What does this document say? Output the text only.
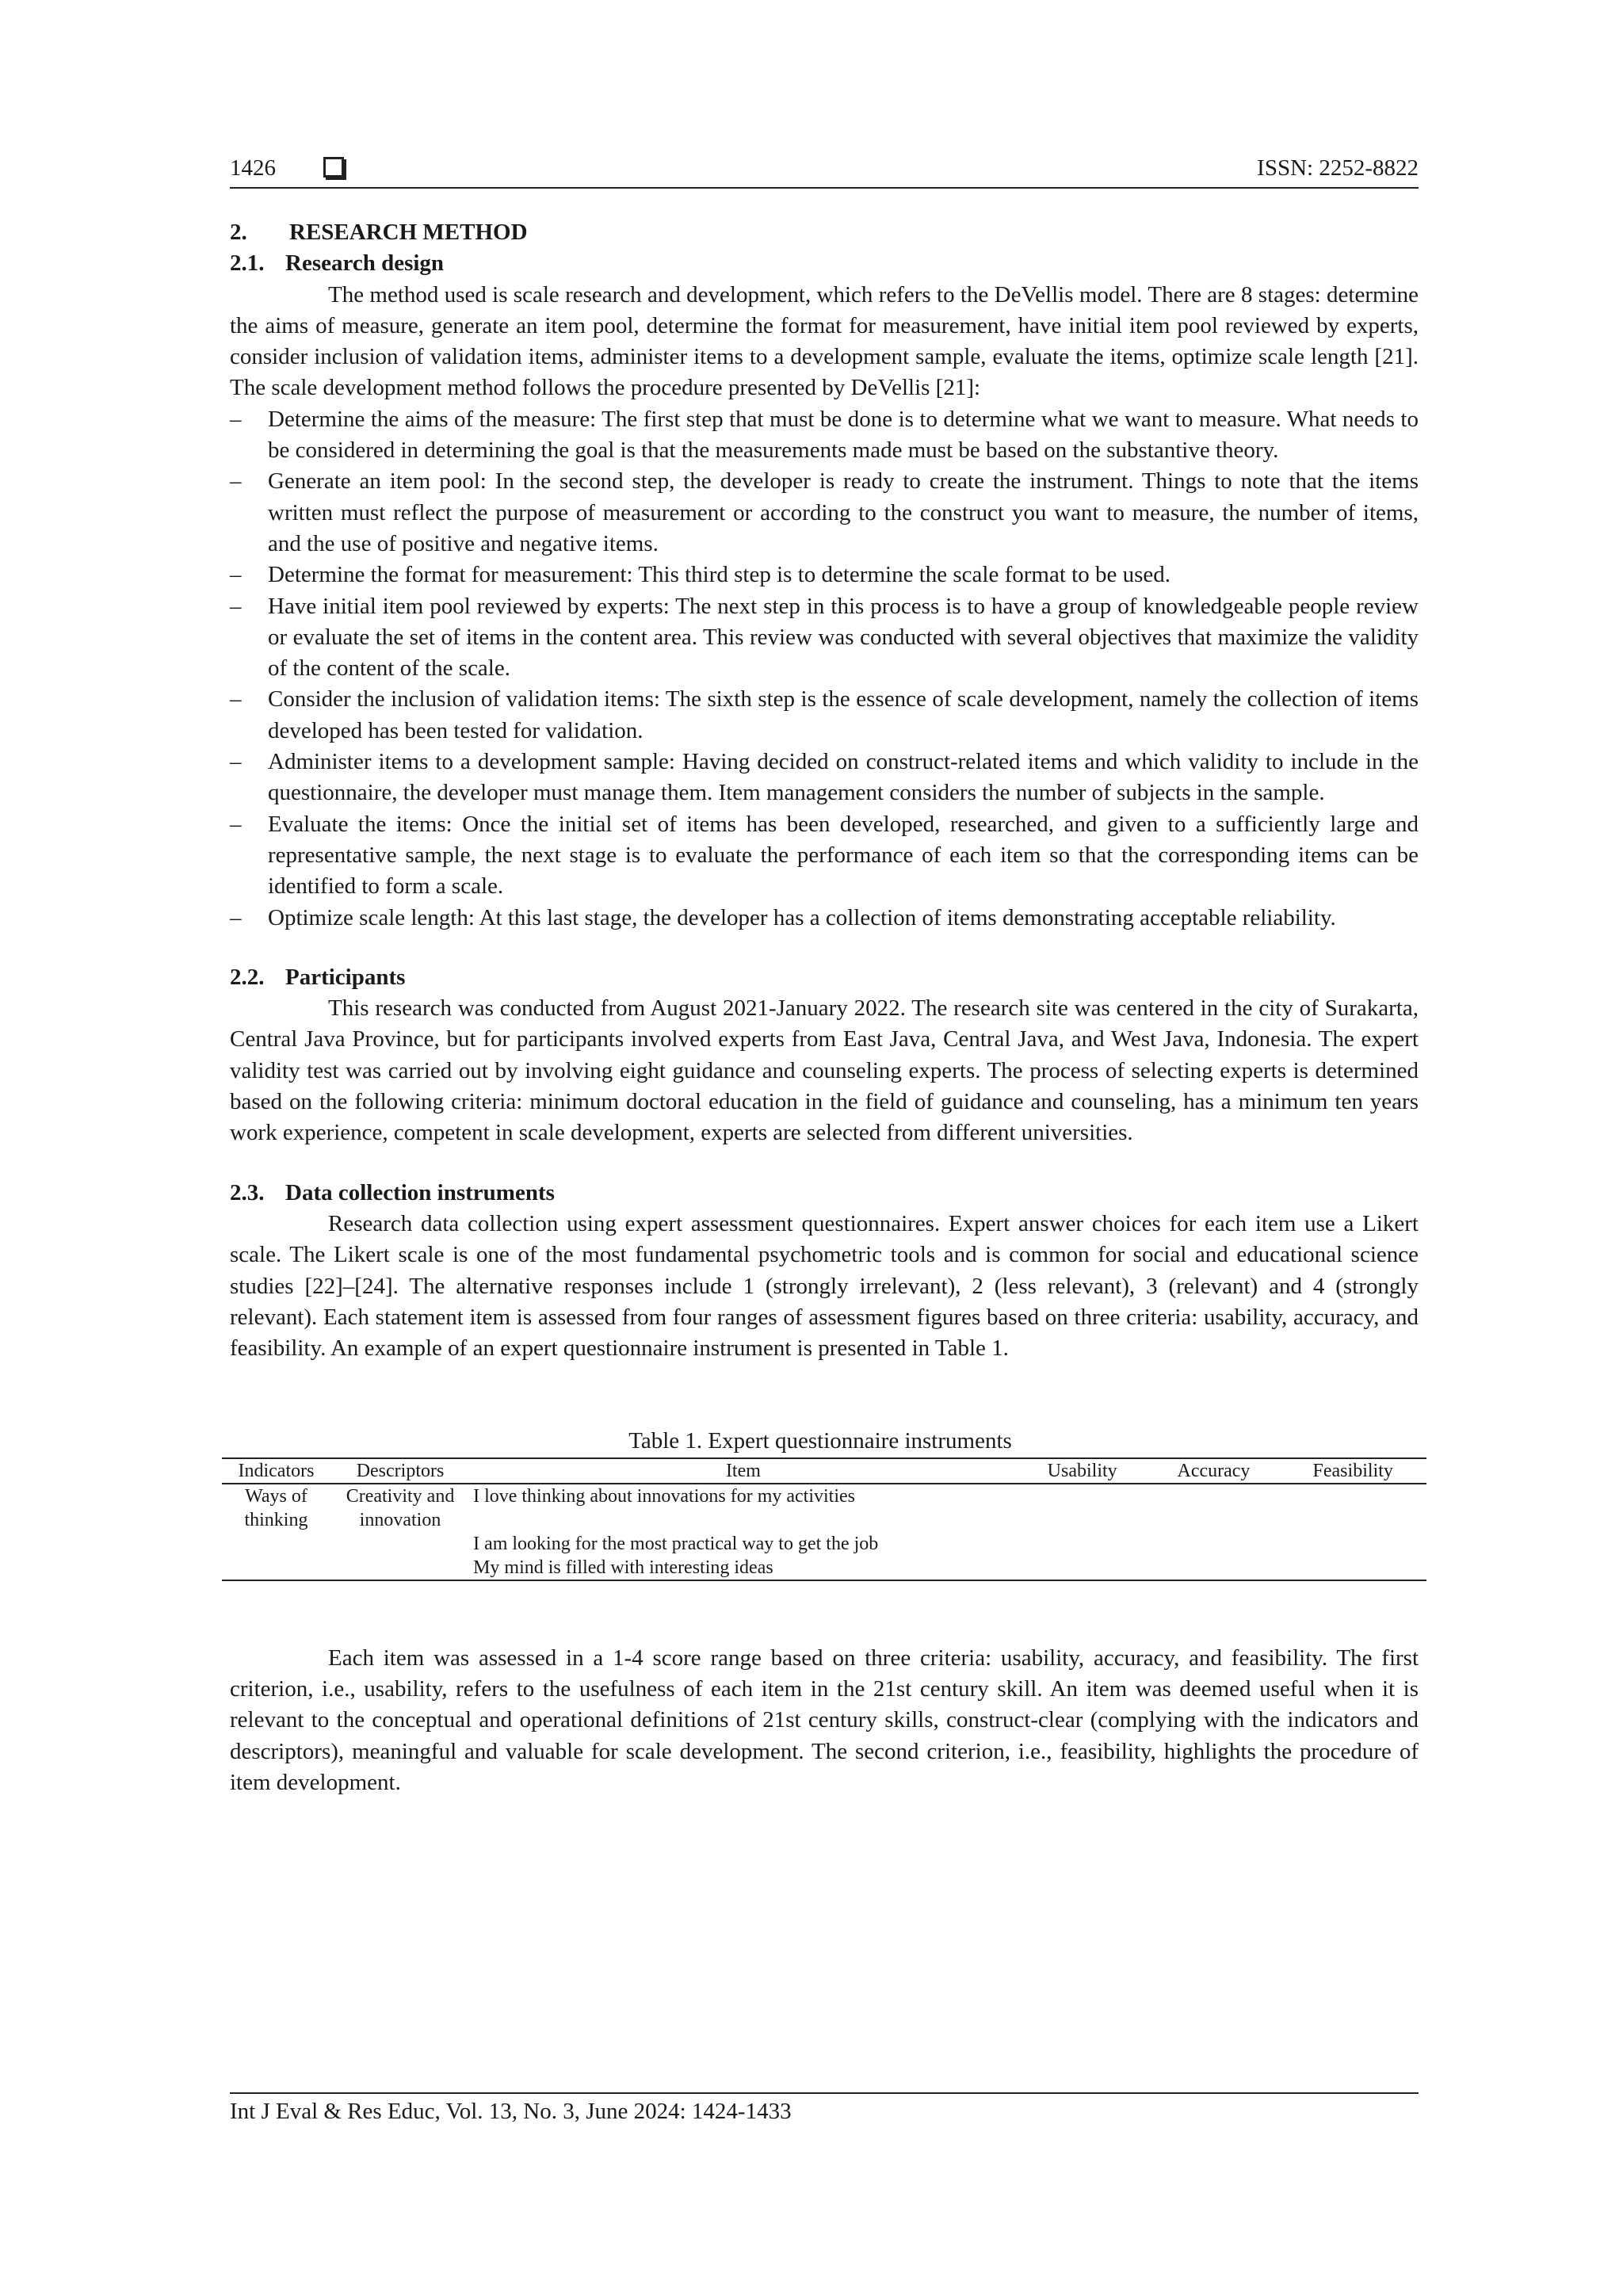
1426	ISSN: 2252-8822
2. RESEARCH METHOD
2.1. Research design

The method used is scale research and development, which refers to the DeVellis model. There are 8 stages: determine the aims of measure, generate an item pool, determine the format for measurement, have initial item pool reviewed by experts, consider inclusion of validation items, administer items to a development sample, evaluate the items, optimize scale length [21]. The scale development method follows the procedure presented by DeVellis [21]:

– Determine the aims of the measure: The first step that must be done is to determine what we want to measure. What needs to be considered in determining the goal is that the measurements made must be based on the substantive theory.
– Generate an item pool: In the second step, the developer is ready to create the instrument. Things to note that the items written must reflect the purpose of measurement or according to the construct you want to measure, the number of items, and the use of positive and negative items.
– Determine the format for measurement: This third step is to determine the scale format to be used.
– Have initial item pool reviewed by experts: The next step in this process is to have a group of knowledgeable people review or evaluate the set of items in the content area. This review was conducted with several objectives that maximize the validity of the content of the scale.
– Consider the inclusion of validation items: The sixth step is the essence of scale development, namely the collection of items developed has been tested for validation.
– Administer items to a development sample: Having decided on construct-related items and which validity to include in the questionnaire, the developer must manage them. Item management considers the number of subjects in the sample.
– Evaluate the items: Once the initial set of items has been developed, researched, and given to a sufficiently large and representative sample, the next stage is to evaluate the performance of each item so that the corresponding items can be identified to form a scale.
– Optimize scale length: At this last stage, the developer has a collection of items demonstrating acceptable reliability.
2.2. Participants

This research was conducted from August 2021-January 2022. The research site was centered in the city of Surakarta, Central Java Province, but for participants involved experts from East Java, Central Java, and West Java, Indonesia. The expert validity test was carried out by involving eight guidance and counseling experts. The process of selecting experts is determined based on the following criteria: minimum doctoral education in the field of guidance and counseling, has a minimum ten years work experience, competent in scale development, experts are selected from different universities.

2.3. Data collection instruments

Research data collection using expert assessment questionnaires. Expert answer choices for each item use a Likert scale. The Likert scale is one of the most fundamental psychometric tools and is common for social and educational science studies [22]–[24]. The alternative responses include 1 (strongly irrelevant), 2 (less relevant), 3 (relevant) and 4 (strongly relevant). Each statement item is assessed from four ranges of assessment figures based on three criteria: usability, accuracy, and feasibility. An example of an expert questionnaire instrument is presented in Table 1.

Table 1. Expert questionnaire instruments
Indicators	Descriptors	Item	Usability	Accuracy	Feasibility
Ways of thinking	Creativity and innovation	I love thinking about innovations for my activities			
		I am looking for the most practical way to get the job			
		My mind is filled with interesting ideas			

Each item was assessed in a 1-4 score range based on three criteria: usability, accuracy, and feasibility. The first criterion, i.e., usability, refers to the usefulness of each item in the 21st century skill. An item was deemed useful when it is relevant to the conceptual and operational definitions of 21st century skills, construct-clear (complying with the indicators and descriptors), meaningful and valuable for scale development. The second criterion, i.e., feasibility, highlights the procedure of item development.

Int J Eval & Res Educ, Vol. 13, No. 3, June 2024: 1424-1433
